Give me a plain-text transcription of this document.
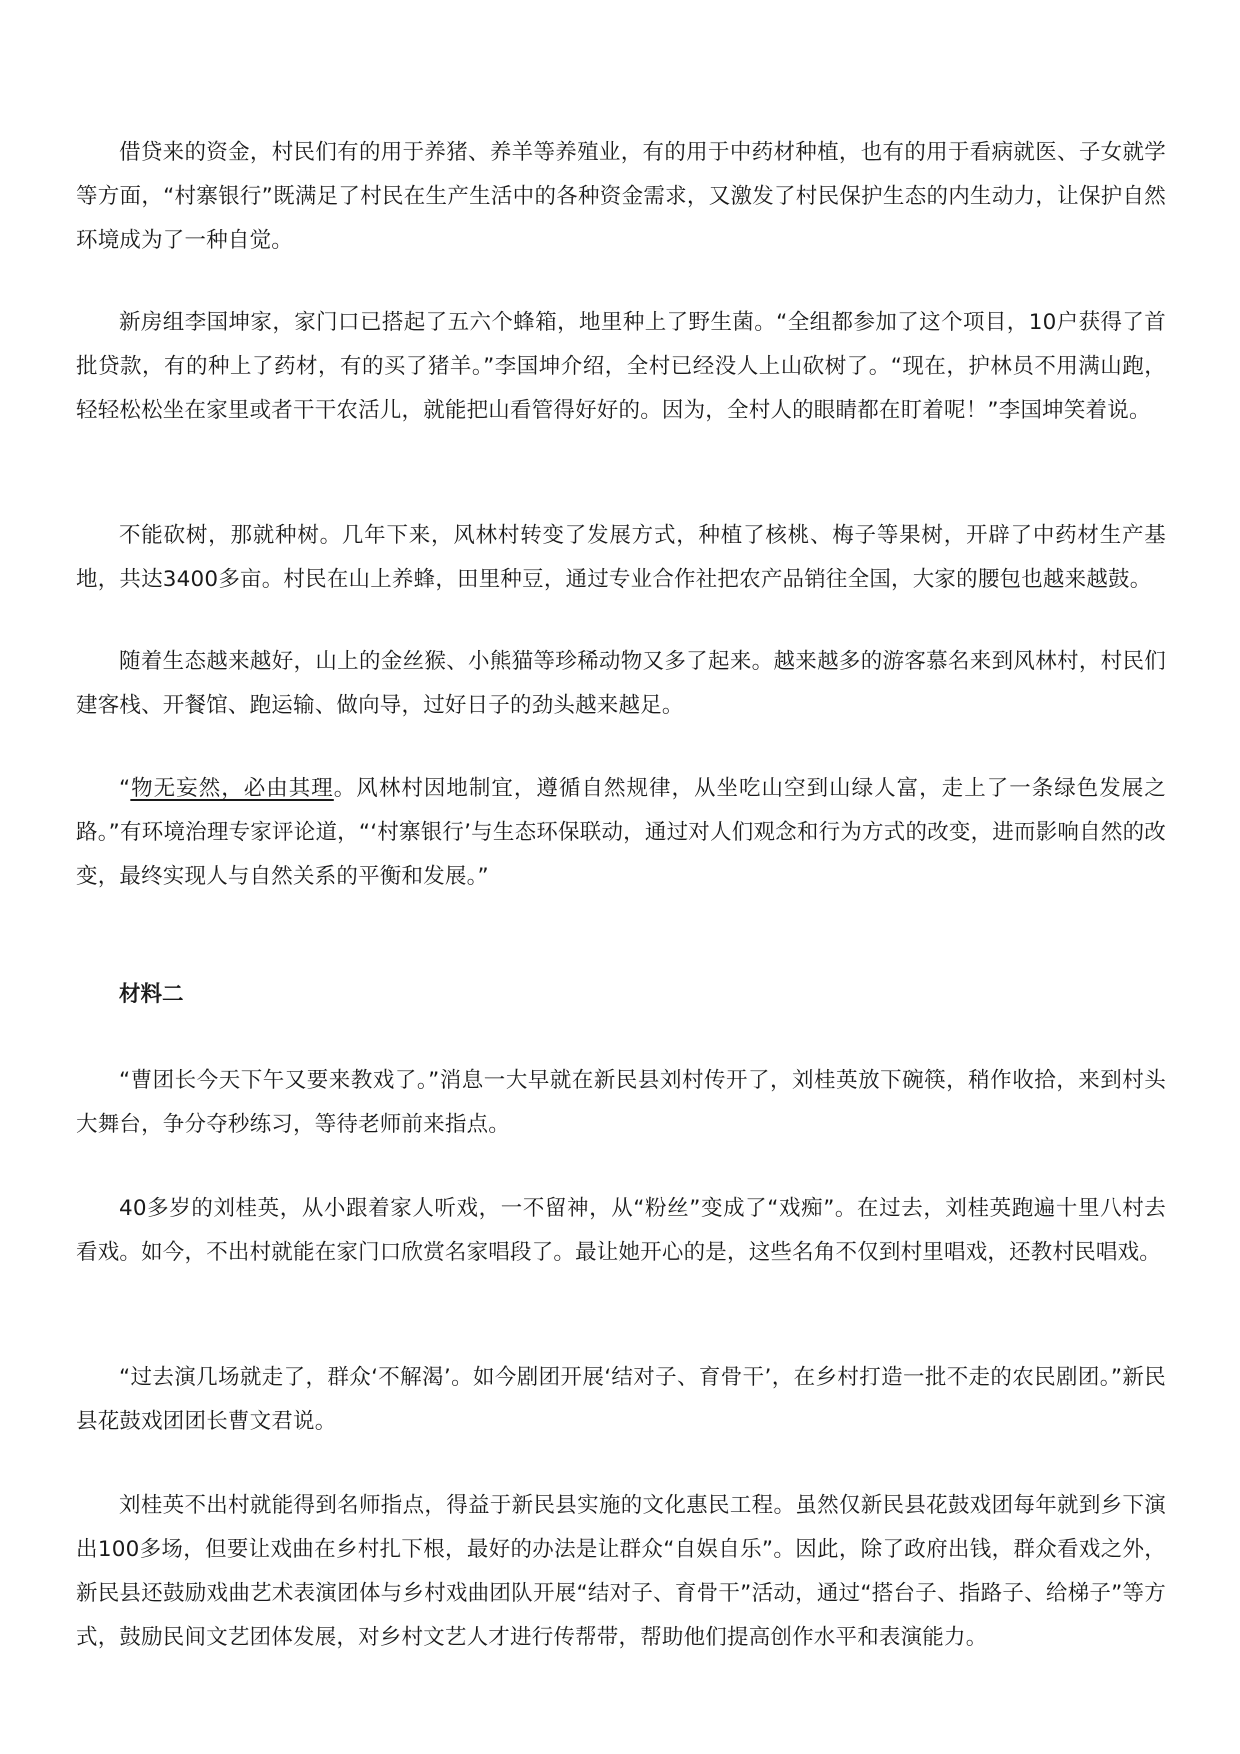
借贷来的资金，村民们有的用于养猪、养羊等养殖业，有的用于中药材种植，也有的用于看病就医、子女就学等方面，“村寨银行”既满足了村民在生产生活中的各种资金需求，又激发了村民保护生态的内生动力，让保护自然环境成为了一种自觉。

新房组李国坤家，家门口已搭起了五六个蜂箱，地里种上了野生菌。“全组都参加了这个项目，10户获得了首批贷款，有的种上了药材，有的买了猪羊。”李国坤介绍，全村已经没人上山砍树了。“现在，护林员不用满山跑，轻轻松松坐在家里或者干干农活儿，就能把山看管得好好的。因为，全村人的眼睛都在盯着呢！”李国坤笑着说。

不能砍树，那就种树。几年下来，风林村转变了发展方式，种植了核桃、梅子等果树，开辟了中药材生产基地，共达3400多亩。村民在山上养蜂，田里种豆，通过专业合作社把农产品销往全国，大家的腰包也越来越鼓。

随着生态越来越好，山上的金丝猴、小熊猫等珍稀动物又多了起来。越来越多的游客慕名来到风林村，村民们建客栈、开餐馆、跑运输、做向导，过好日子的劲头越来越足。

“物无妄然，必由其理。风林村因地制宜，遵循自然规律，从坐吃山空到山绿人富，走上了一条绿色发展之路。”有环境治理专家评论道，“‘村寨银行’与生态环保联动，通过对人们观念和行为方式的改变，进而影响自然的改变，最终实现人与自然关系的平衡和发展。”

材料二

“曹团长今天下午又要来教戏了。”消息一大早就在新民县刘村传开了，刘桂英放下碗筷，稍作收拾，来到村头大舞台，争分夺秒练习，等待老师前来指点。

40多岁的刘桂英，从小跟着家人听戏，一不留神，从“粉丝”变成了“戏痴”。在过去，刘桂英跑遍十里八村去看戏。如今，不出村就能在家门口欣赏名家唱段了。最让她开心的是，这些名角不仅到村里唱戏，还教村民唱戏。

“过去演几场就走了，群众‘不解渴’。如今剧团开展‘结对子、育骨干’，在乡村打造一批不走的农民剧团。”新民县花鼓戏团团长曹文君说。

刘桂英不出村就能得到名师指点，得益于新民县实施的文化惠民工程。虽然仅新民县花鼓戏团每年就到乡下演出100多场，但要让戏曲在乡村扎下根，最好的办法是让群众“自娱自乐”。因此，除了政府出钱，群众看戏之外，新民县还鼓励戏曲艺术表演团体与乡村戏曲团队开展“结对子、育骨干”活动，通过“搭台子、指路子、给梯子”等方式，鼓励民间文艺团体发展，对乡村文艺人才进行传帮带，帮助他们提高创作水平和表演能力。
